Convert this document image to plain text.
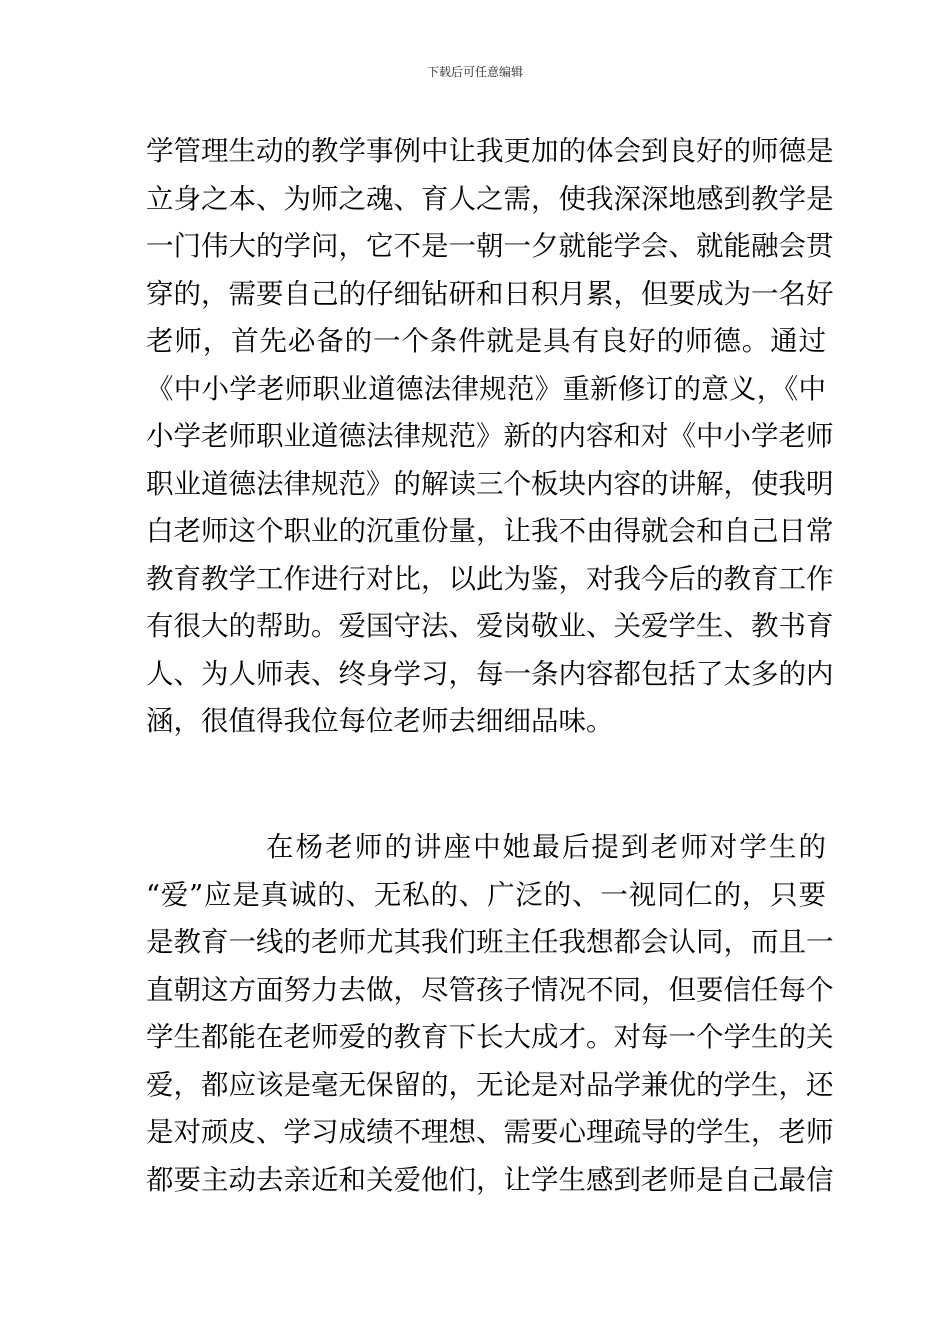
下载后可任意编辑
学管理生动的教学事例中让我更加的体会到良好的师德是
立身之本、为师之魂、育人之需，使我深深地感到教学是
一门伟大的学问，它不是一朝一夕就能学会、就能融会贯
穿的，需要自己的仔细钻研和日积月累，但要成为一名好
老师，首先必备的一个条件就是具有良好的师德。通过
《中小学老师职业道德法律规范》重新修订的意义，《中
小学老师职业道德法律规范》新的内容和对《中小学老师
职业道德法律规范》的解读三个板块内容的讲解，使我明
白老师这个职业的沉重份量，让我不由得就会和自己日常
教育教学工作进行对比，以此为鉴，对我今后的教育工作
有很大的帮助。爱国守法、爱岗敬业、关爱学生、教书育
人、为人师表、终身学习，每一条内容都包括了太多的内
涵，很值得我位每位老师去细细品味。
在杨老师的讲座中她最后提到老师对学生的
“爱”应是真诚的、无私的、广泛的、一视同仁的，只要
是教育一线的老师尤其我们班主任我想都会认同，而且一
直朝这方面努力去做，尽管孩子情况不同，但要信任每个
学生都能在老师爱的教育下长大成才。对每一个学生的关
爱，都应该是毫无保留的，无论是对品学兼优的学生，还
是对顽皮、学习成绩不理想、需要心理疏导的学生，老师
都要主动去亲近和关爱他们，让学生感到老师是自己最信
